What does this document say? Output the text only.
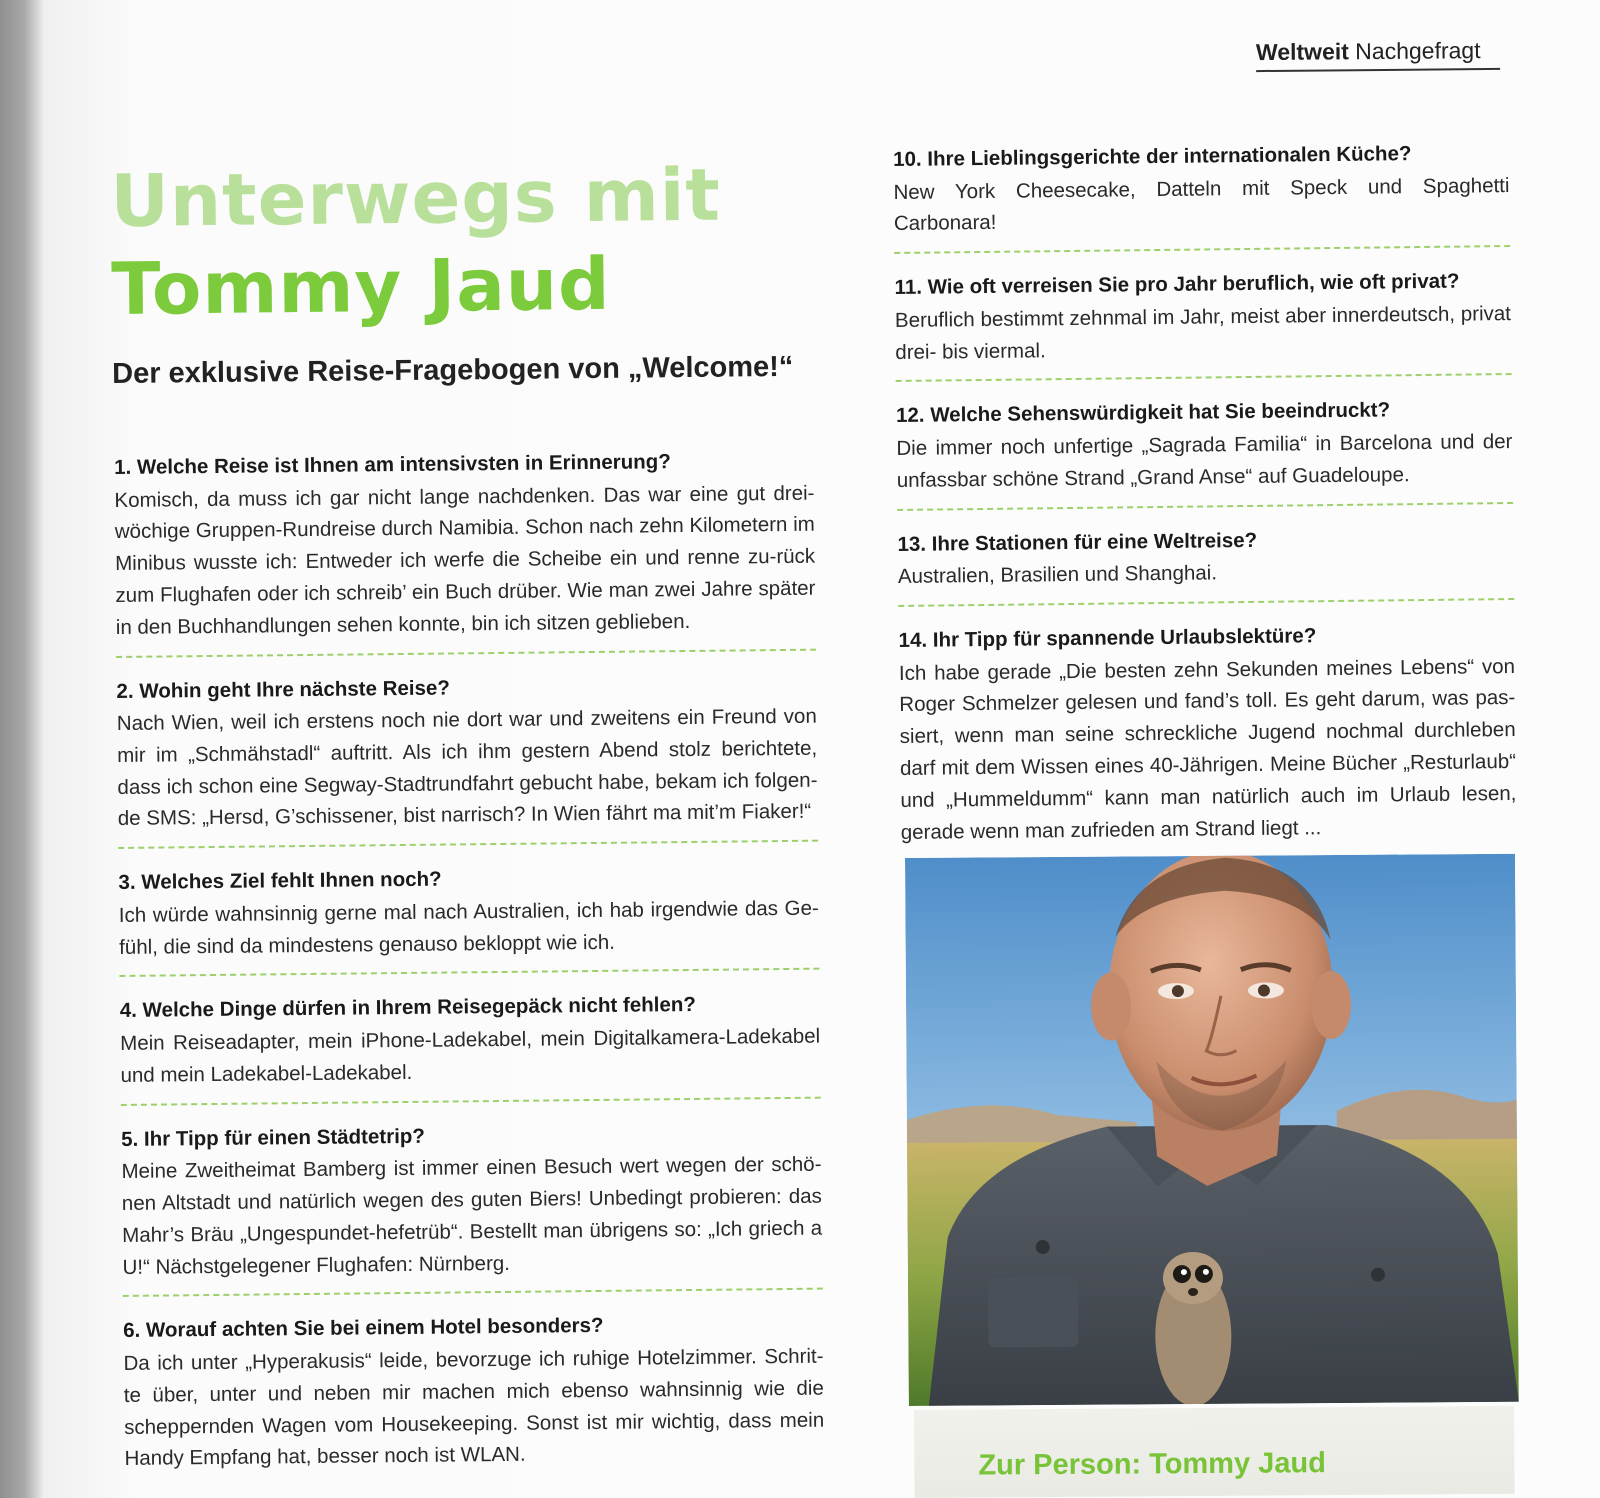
Weltweit Nachgefragt
Unterwegs mit
Tommy Jaud
Der exklusive Reise-Fragebogen von „Welcome!“
1. Welche Reise ist Ihnen am intensivsten in Erinnerung?
Komisch, da muss ich gar nicht lange nachdenken. Das war eine gut drei-wöchige Gruppen-Rundreise durch Namibia. Schon nach zehn Kilometern im Minibus wusste ich: Entweder ich werfe die Scheibe ein und renne zu-rück zum Flughafen oder ich schreib’ ein Buch drüber. Wie man zwei Jahre später in den Buchhandlungen sehen konnte, bin ich sitzen geblieben.
2. Wohin geht Ihre nächste Reise?
Nach Wien, weil ich erstens noch nie dort war und zweitens ein Freund von mir im „Schmähstadl“ auftritt. Als ich ihm gestern Abend stolz berichtete, dass ich schon eine Segway-Stadtrundfahrt gebucht habe, bekam ich folgen-de SMS: „Hersd, G’schissener, bist narrisch? In Wien fährt ma mit’m Fiaker!“
3. Welches Ziel fehlt Ihnen noch?
Ich würde wahnsinnig gerne mal nach Australien, ich hab irgendwie das Ge-fühl, die sind da mindestens genauso bekloppt wie ich.
4. Welche Dinge dürfen in Ihrem Reisegepäck nicht fehlen?
Mein Reiseadapter, mein iPhone-Ladekabel, mein Digitalkamera-Ladekabel und mein Ladekabel-Ladekabel.
5. Ihr Tipp für einen Städtetrip?
Meine Zweitheimat Bamberg ist immer einen Besuch wert wegen der schö-nen Altstadt und natürlich wegen des guten Biers! Unbedingt probieren: das Mahr’s Bräu „Ungespundet-hefetrüb“. Bestellt man übrigens so: „Ich griech a U!“ Nächstgelegener Flughafen: Nürnberg.
6. Worauf achten Sie bei einem Hotel besonders?
Da ich unter „Hyperakusis“ leide, bevorzuge ich ruhige Hotelzimmer. Schrit-te über, unter und neben mir machen mich ebenso wahnsinnig wie die scheppernden Wagen vom Housekeeping. Sonst ist mir wichtig, dass mein Handy Empfang hat, besser noch ist WLAN.
10. Ihre Lieblingsgerichte der internationalen Küche?
New York Cheesecake, Datteln mit Speck und Spaghetti Carbonara!
11. Wie oft verreisen Sie pro Jahr beruflich, wie oft privat?
Beruflich bestimmt zehnmal im Jahr, meist aber innerdeutsch, privat drei- bis viermal.
12. Welche Sehenswürdigkeit hat Sie beeindruckt?
Die immer noch unfertige „Sagrada Familia“ in Barcelona und der unfassbar schöne Strand „Grand Anse“ auf Guadeloupe.
13. Ihre Stationen für eine Weltreise?
Australien, Brasilien und Shanghai.
14. Ihr Tipp für spannende Urlaubslektüre?
Ich habe gerade „Die besten zehn Sekunden meines Lebens“ von Roger Schmelzer gelesen und fand’s toll. Es geht darum, was pas-siert, wenn man seine schreckliche Jugend nochmal durchleben darf mit dem Wissen eines 40-Jährigen. Meine Bücher „Resturlaub“ und „Hummeldumm“ kann man natürlich auch im Urlaub lesen, gerade wenn man zufrieden am Strand liegt ...
Zur Person: Tommy Jaud
